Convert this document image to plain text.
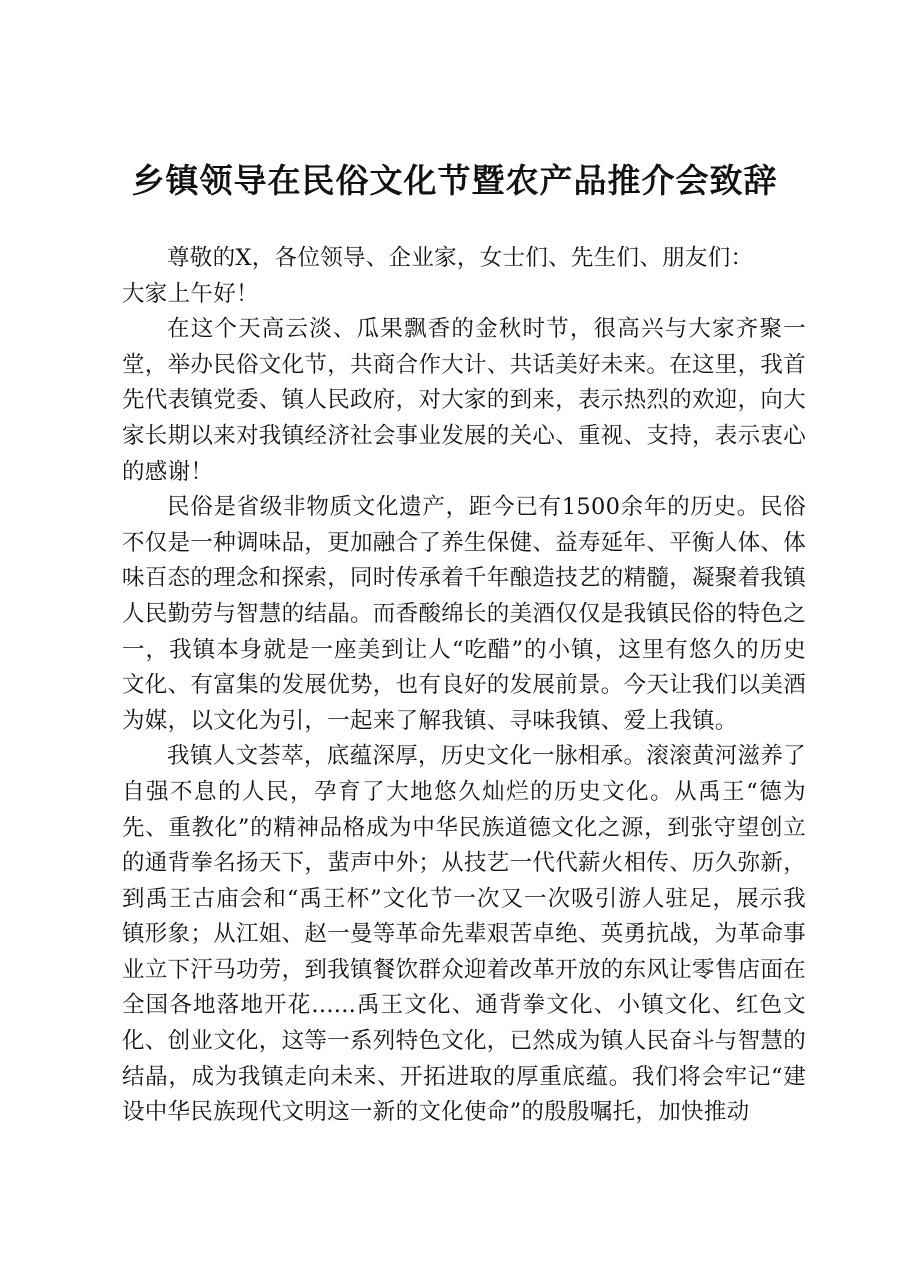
乡镇领导在民俗文化节暨农产品推介会致辞

尊敬的X，各位领导、企业家，女士们、先生们、朋友们：

大家上午好！

在这个天高云淡、瓜果飘香的金秋时节，很高兴与大家齐聚一堂，举办民俗文化节，共商合作大计、共话美好未来。在这里，我首先代表镇党委、镇人民政府，对大家的到来，表示热烈的欢迎，向大家长期以来对我镇经济社会事业发展的关心、重视、支持，表示衷心的感谢！

民俗是省级非物质文化遗产，距今已有1500余年的历史。民俗不仅是一种调味品，更加融合了养生保健、益寿延年、平衡人体、体味百态的理念和探索，同时传承着千年酿造技艺的精髓，凝聚着我镇人民勤劳与智慧的结晶。而香酸绵长的美酒仅仅是我镇民俗的特色之一，我镇本身就是一座美到让人“吃醋”的小镇，这里有悠久的历史文化、有富集的发展优势，也有良好的发展前景。今天让我们以美酒为媒，以文化为引，一起来了解我镇、寻味我镇、爱上我镇。

我镇人文荟萃，底蕴深厚，历史文化一脉相承。滚滚黄河滋养了自强不息的人民，孕育了大地悠久灿烂的历史文化。从禹王“德为先、重教化”的精神品格成为中华民族道德文化之源，到张守望创立的通背拳名扬天下，蜚声中外；从技艺一代代薪火相传、历久弥新，到禹王古庙会和“禹王杯”文化节一次又一次吸引游人驻足，展示我镇形象；从江姐、赵一曼等革命先辈艰苦卓绝、英勇抗战，为革命事业立下汗马功劳，到我镇餐饮群众迎着改革开放的东风让零售店面在全国各地落地开花......禹王文化、通背拳文化、小镇文化、红色文化、创业文化，这等一系列特色文化，已然成为镇人民奋斗与智慧的结晶，成为我镇走向未来、开拓进取的厚重底蕴。我们将会牢记“建设中华民族现代文明这一新的文化使命”的殷殷嘱托，加快推动
